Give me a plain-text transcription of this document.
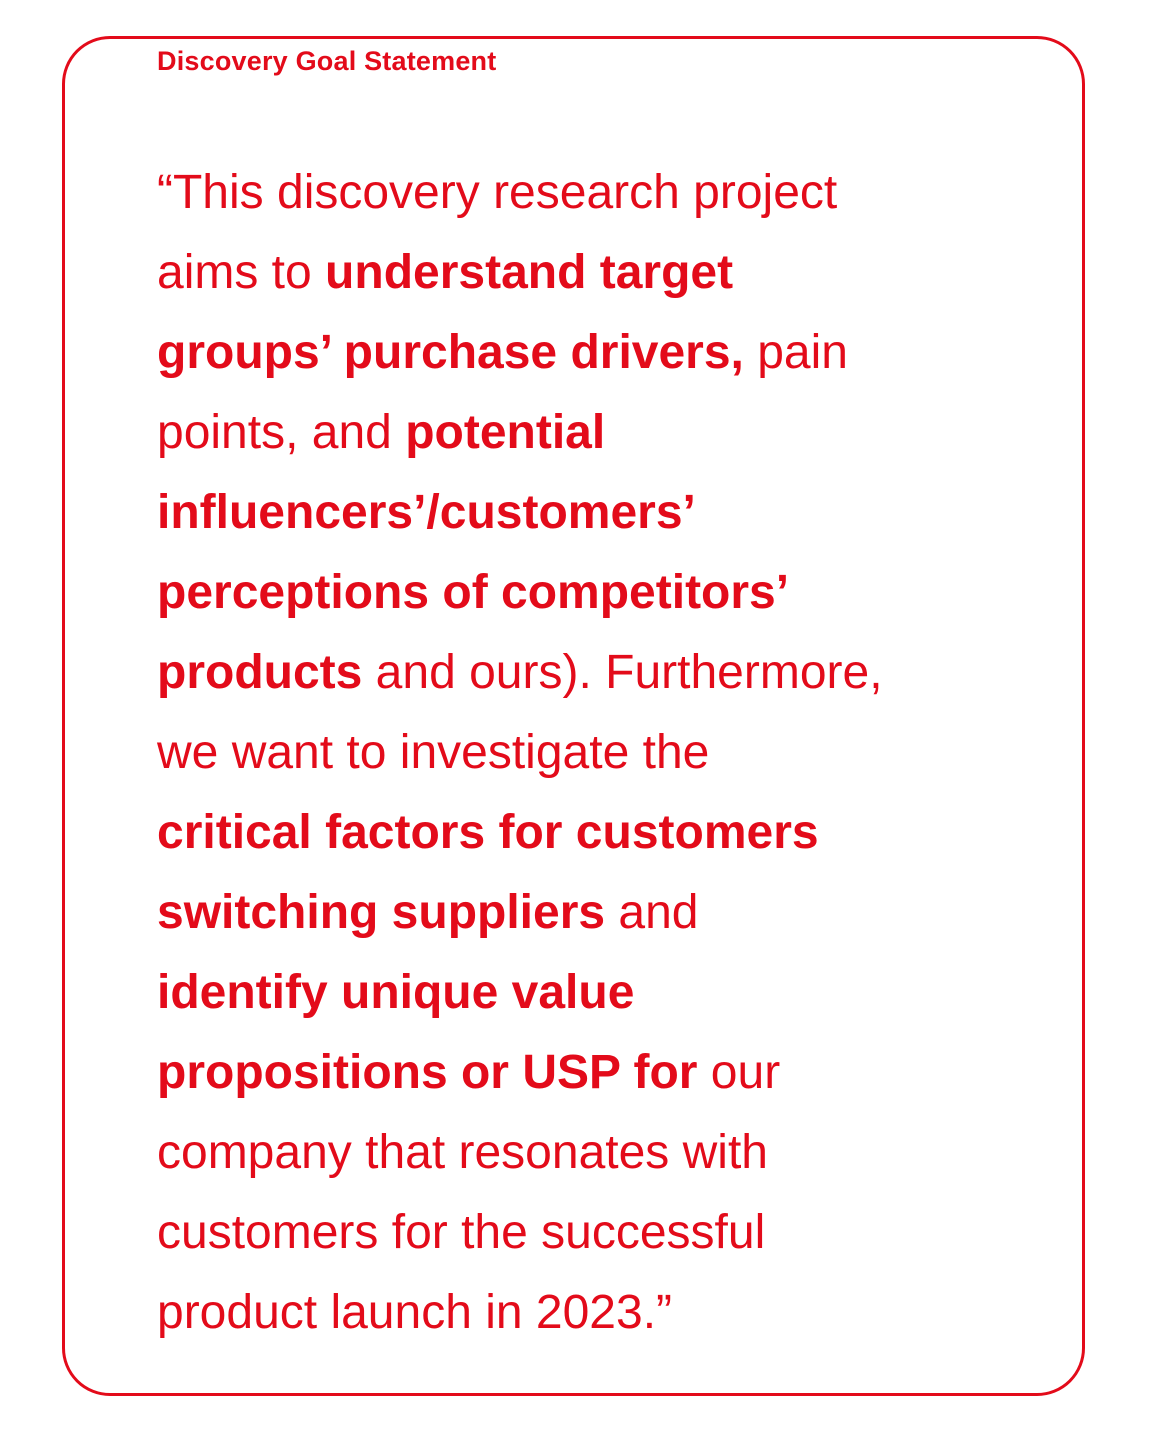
Discovery Goal Statement
“This discovery research project
aims to understand target
groups’ purchase drivers, pain
points, and potential
influencers’/customers’
perceptions of competitors’
products and ours). Furthermore,
we want to investigate the
critical factors for customers
switching suppliers and
identify unique value
propositions or USP for our
company that resonates with
customers for the successful
product launch in 2023.”
